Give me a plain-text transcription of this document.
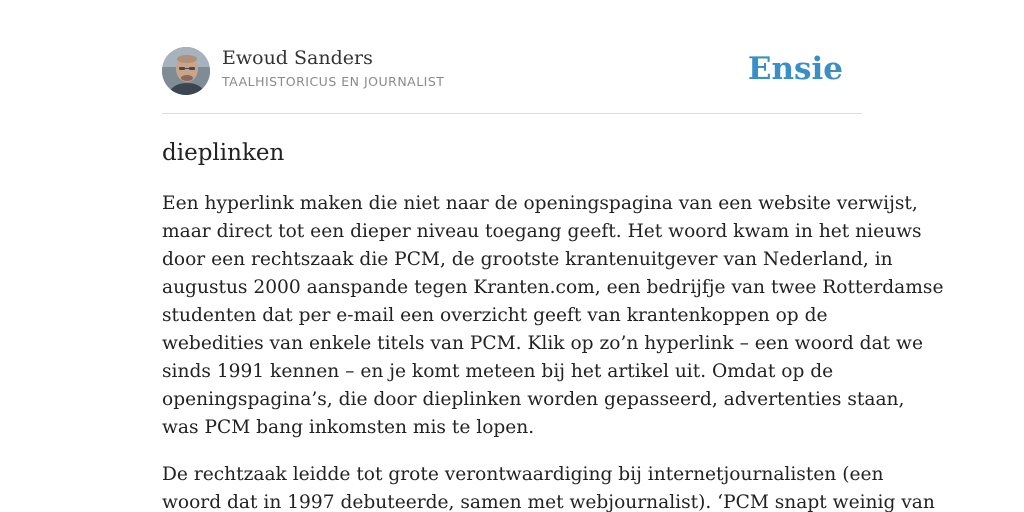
Ewoud Sanders
TAALHISTORICUS EN JOURNALIST	Ensie
dieplinken
Een hyperlink maken die niet naar de openingspagina van een website verwijst,
maar direct tot een dieper niveau toegang geeft. Het woord kwam in het nieuws
door een rechtszaak die PCM, de grootste krantenuitgever van Nederland, in
augustus 2000 aanspande tegen Kranten.com, een bedrijfje van twee Rotterdamse
studenten dat per e-mail een overzicht geeft van krantenkoppen op de
webedities van enkele titels van PCM. Klik op zo’n hyperlink – een woord dat we
sinds 1991 kennen – en je komt meteen bij het artikel uit. Omdat op de
openingspagina’s, die door dieplinken worden gepasseerd, advertenties staan,
was PCM bang inkomsten mis te lopen.
De rechtzaak leidde tot grote verontwaardiging bij internetjournalisten (een
woord dat in 1997 debuteerde, samen met webjournalist). ‘PCM snapt weinig van
